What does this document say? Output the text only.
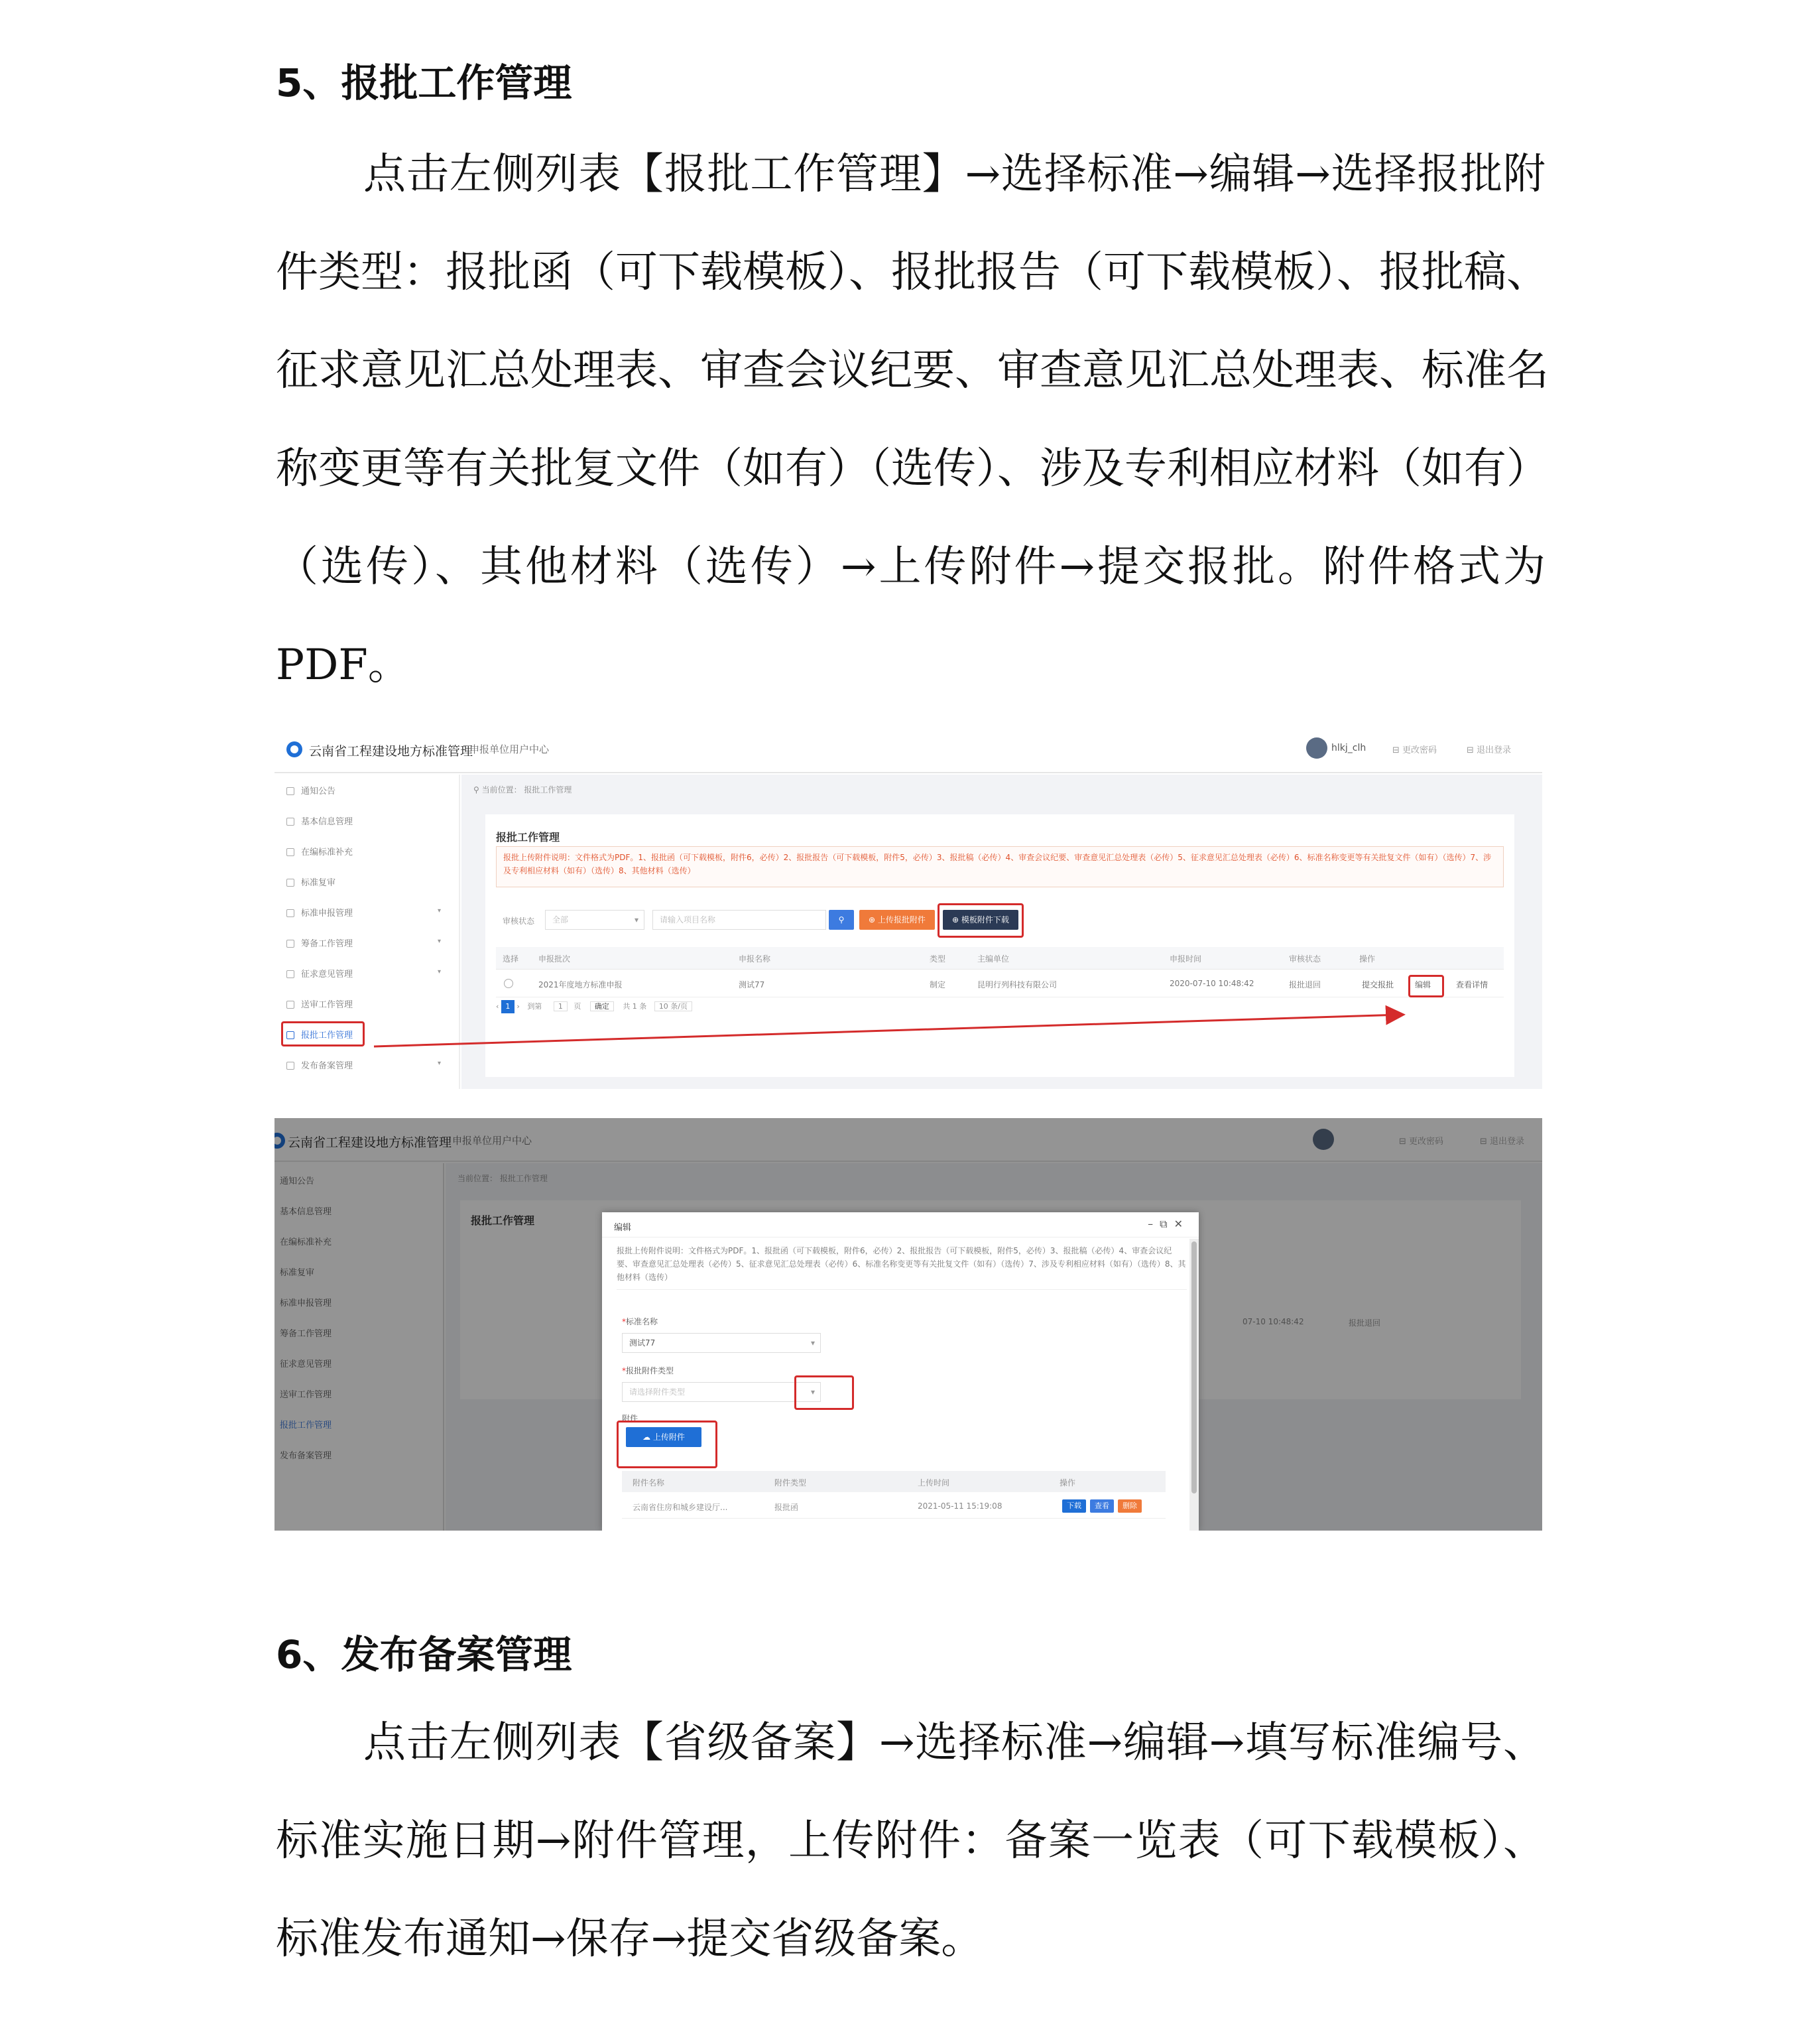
5、报批工作管理
点击左侧列表【报批工作管理】→选择标准→编辑→选择报批附
件类型：报批函（可下载模板）、报批报告（可下载模板）、报批稿、
征求意见汇总处理表、审查会议纪要、审查意见汇总处理表、标准名
称变更等有关批复文件（如有）（选传）、涉及专利相应材料（如有）
（选传）、其他材料（选传）→上传附件→提交报批。附件格式为
PDF。
云南省工程建设地方标准管理
申报单位用户中心	hlkj_clh	⊟ 更改密码	⊟ 退出登录
通知公告
基本信息管理
在编标准补充
标准复审
标准申报管理	▾
筹备工作管理	▾
征求意见管理	▾
送审工作管理
报批工作管理
发布备案管理	▾
⚲ 当前位置： 报批工作管理
报批工作管理
报批上传附件说明：文件格式为PDF。1、报批函（可下载模板，附件6，必传）2、报批报告（可下载模板，附件5，必传）3、报批稿（必传）4、审查会议纪要、审查意见汇总处理表（必传）5、征求意见汇总处理表（必传）6、标准名称变更等有关批复文件（如有）（选传）7、涉及专利相应材料（如有）（选传）8、其他材料（选传）
审核状态	全部 ▾	请输入项目名称	⚲	⊕ 上传报批附件	⊕ 模板附件下载
选择 申报批次	申报名称	类型	主编单位	申报时间	审核状态	操作
2021年度地方标准申报	测试77	制定	昆明行列科技有限公司	2020-07-10 10:48:42	报批退回	提交报批	编辑	查看详情
‹ 1 › 到第 1 页 确定 共 1 条 10 条/页
云南省工程建设地方标准管理 申报单位用户中心	⊟ 更改密码	⊟ 退出登录
通知公告
基本信息管理
在编标准补充
标准复审
标准申报管理
筹备工作管理
征求意见管理
送审工作管理
报批工作管理
发布备案管理
当前位置： 报批工作管理
报批工作管理
07-10 10:48:42	报批退回
编辑	–⧉✕
报批上传附件说明：文件格式为PDF。1、报批函（可下载模板，附件6，必传）2、报批报告（可下载模板，附件5，必传）3、报批稿（必传）4、审查会议纪要、审查意见汇总处理表（必传）5、征求意见汇总处理表（必传）6、标准名称变更等有关批复文件（如有）（选传）7、涉及专利相应材料（如有）（选传）8、其他材料（选传）
*标准名称
测试77 ▾
*报批附件类型
请选择附件类型 ▾
附件
☁ 上传附件
附件名称	附件类型	上传时间	操作
云南省住房和城乡建设厅...	报批函	2021-05-11 15:19:08	下载	查看	删除
6、发布备案管理
点击左侧列表【省级备案】→选择标准→编辑→填写标准编号、
标准实施日期→附件管理，上传附件：备案一览表（可下载模板）、
标准发布通知→保存→提交省级备案。
